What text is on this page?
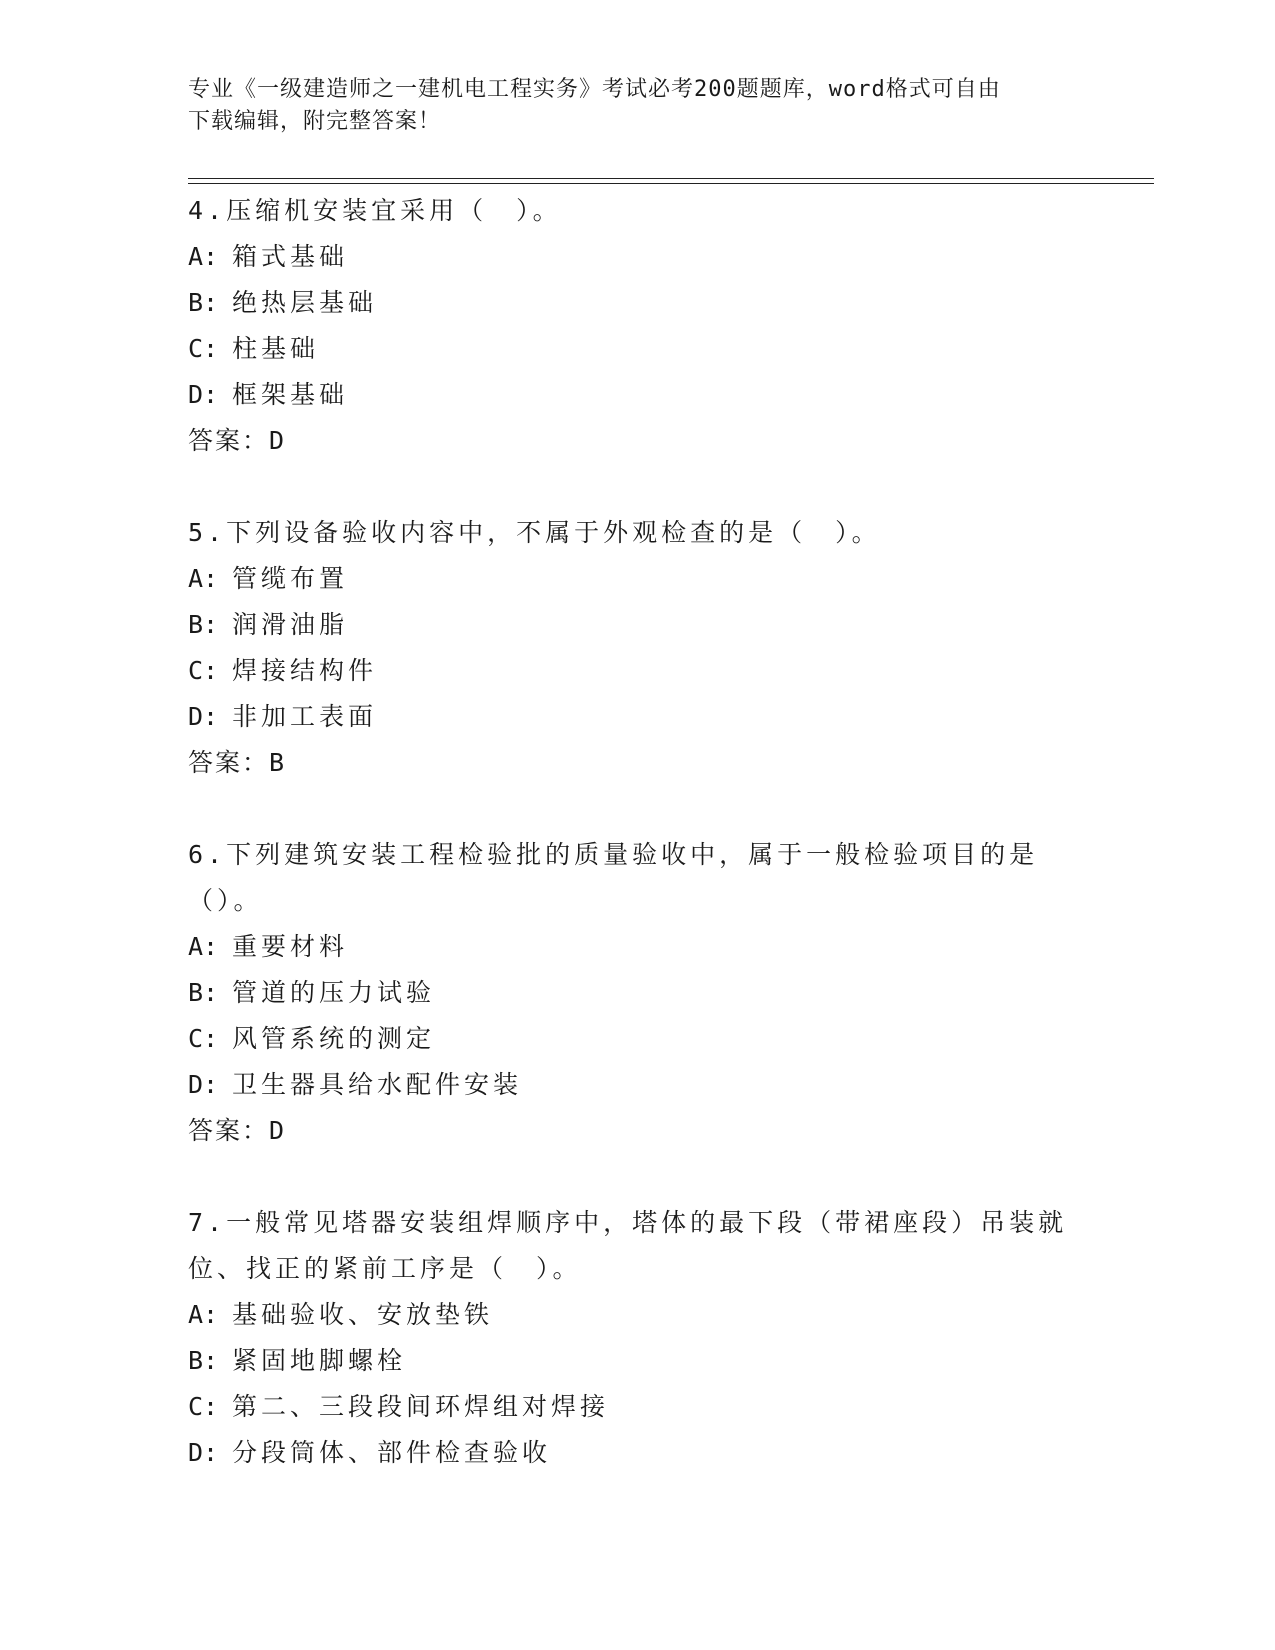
专业《一级建造师之一建机电工程实务》考试必考200题题库，word格式可自由
下载编辑，附完整答案！
4.压缩机安装宜采用（　）。
A: 箱式基础
B: 绝热层基础
C: 柱基础
D: 框架基础
答案：D
5.下列设备验收内容中，不属于外观检查的是（　）。
A: 管缆布置
B: 润滑油脂
C: 焊接结构件
D: 非加工表面
答案：B
6.下列建筑安装工程检验批的质量验收中，属于一般检验项目的是（）。
A: 重要材料
B: 管道的压力试验
C: 风管系统的测定
D: 卫生器具给水配件安装
答案：D
7.一般常见塔器安装组焊顺序中，塔体的最下段（带裙座段）吊装就位、找正的紧前工序是（　）。
A: 基础验收、安放垫铁
B: 紧固地脚螺栓
C: 第二、三段段间环焊组对焊接
D: 分段筒体、部件检查验收
